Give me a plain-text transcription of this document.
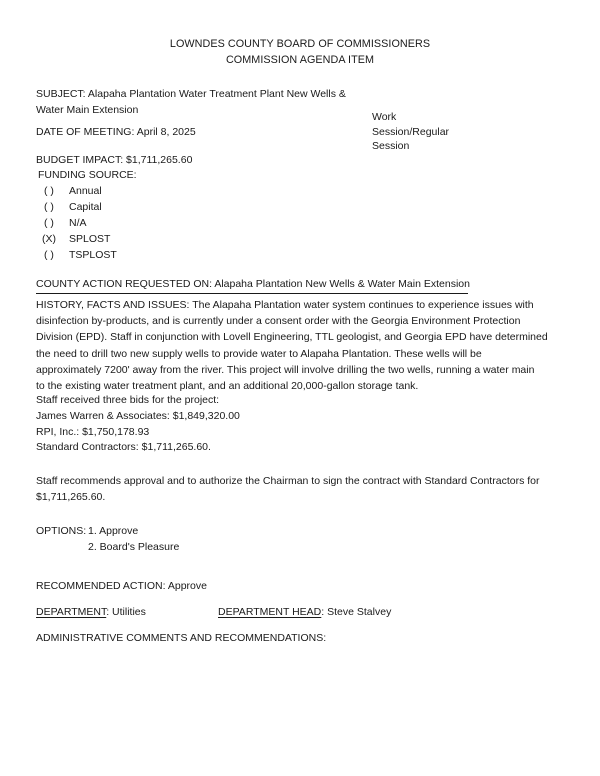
LOWNDES COUNTY BOARD OF COMMISSIONERS
COMMISSION AGENDA ITEM
SUBJECT: Alapaha Plantation Water Treatment Plant New Wells &
Water Main Extension
Work
Session/Regular
Session
DATE OF MEETING: April 8, 2025
BUDGET IMPACT: $1,711,265.60
FUNDING SOURCE:
( )	Annual
( )	Capital
( )	N/A
(X)	SPLOST
( )	TSPLOST
COUNTY ACTION REQUESTED ON: Alapaha Plantation New Wells & Water Main Extension
HISTORY, FACTS AND ISSUES: The Alapaha Plantation water system continues to experience issues with
disinfection by-products, and is currently under a consent order with the Georgia Environment Protection
Division (EPD). Staff in conjunction with Lovell Engineering, TTL geologist, and Georgia EPD have determined
the need to drill two new supply wells to provide water to Alapaha Plantation. These wells will be
approximately 7200' away from the river. This project will involve drilling the two wells, running a water main
to the existing water treatment plant, and an additional 20,000-gallon storage tank.
Staff received three bids for the project:
James Warren & Associates: $1,849,320.00
RPI, Inc.: $1,750,178.93
Standard Contractors: $1,711,265.60.
Staff recommends approval and to authorize the Chairman to sign the contract with Standard Contractors for
$1,711,265.60.
OPTIONS: 1. Approve
2. Board's Pleasure
RECOMMENDED ACTION: Approve
DEPARTMENT: Utilities	DEPARTMENT HEAD: Steve Stalvey
ADMINISTRATIVE COMMENTS AND RECOMMENDATIONS:
